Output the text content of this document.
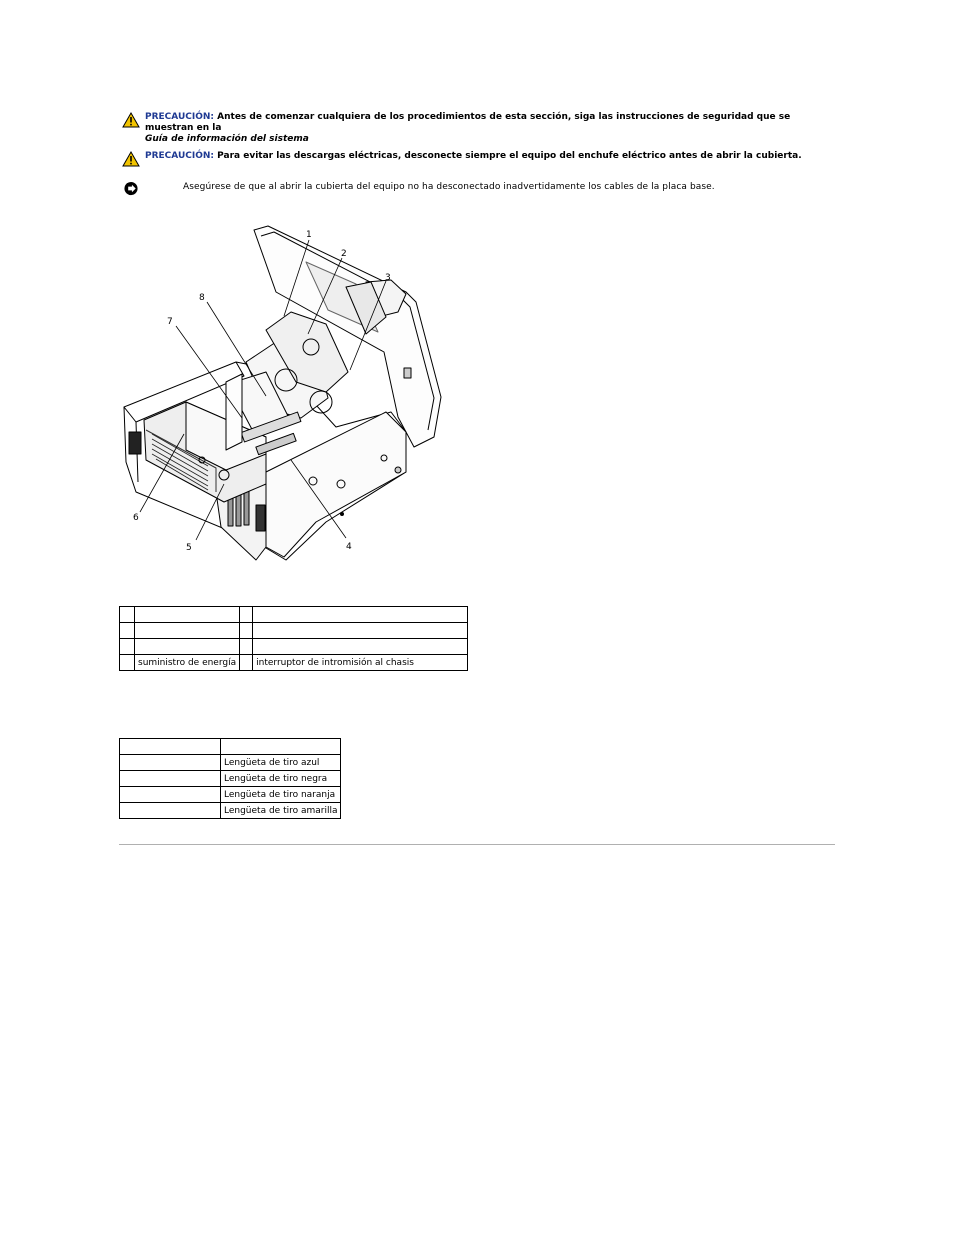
PRECAUCIÓN: Antes de comenzar cualquiera de los procedimientos de esta sección, siga las instrucciones de seguridad que se muestran en la
Guía de información del sistema
PRECAUCIÓN: Para evitar las descargas eléctricas, desconecte siempre el equipo del enchufe eléctrico antes de abrir la cubierta.
Asegúrese de que al abrir la cubierta del equipo no ha desconectado inadvertidamente los cables de la placa base.
1
2
3
4
5
6
7
8

	suministro de energía		interruptor de intromisión al chasis

	Lengüeta de tiro azul
	Lengüeta de tiro negra
	Lengüeta de tiro naranja
	Lengüeta de tiro amarilla
